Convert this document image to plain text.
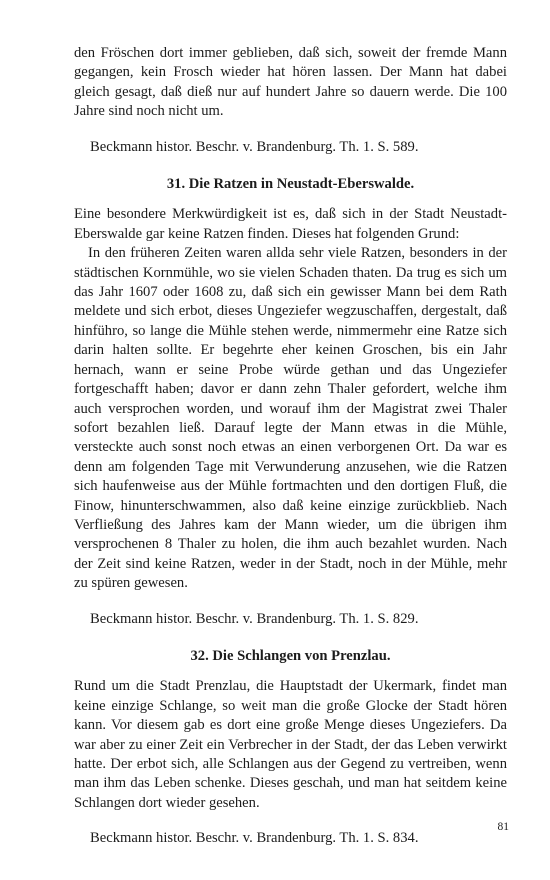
den Fröschen dort immer geblieben, daß sich, soweit der fremde Mann gegangen, kein Frosch wieder hat hören lassen. Der Mann hat dabei gleich gesagt, daß dieß nur auf hundert Jahre so dauern werde. Die 100 Jahre sind noch nicht um.

Beckmann histor. Beschr. v. Brandenburg. Th. 1. S. 589.

31. Die Ratzen in Neustadt-Eberswalde.

Eine besondere Merkwürdigkeit ist es, daß sich in der Stadt Neustadt-Eberswalde gar keine Ratzen finden. Dieses hat folgenden Grund:

In den früheren Zeiten waren allda sehr viele Ratzen, besonders in der städtischen Kornmühle, wo sie vielen Schaden thaten. Da trug es sich um das Jahr 1607 oder 1608 zu, daß sich ein gewisser Mann bei dem Rath meldete und sich erbot, dieses Ungeziefer wegzuschaffen, dergestalt, daß hinführo, so lange die Mühle stehen werde, nimmermehr eine Ratze sich darin halten sollte. Er begehrte eher keinen Groschen, bis ein Jahr hernach, wann er seine Probe würde gethan und das Ungeziefer fortgeschafft haben; davor er dann zehn Thaler gefordert, welche ihm auch versprochen worden, und worauf ihm der Magistrat zwei Thaler sofort bezahlen ließ. Darauf legte der Mann etwas in die Mühle, versteckte auch sonst noch etwas an einen verborgenen Ort. Da war es denn am folgenden Tage mit Verwunderung anzusehen, wie die Ratzen sich haufenweise aus der Mühle fortmachten und den dortigen Fluß, die Finow, hinunterschwammen, also daß keine einzige zurückblieb. Nach Verfließung des Jahres kam der Mann wieder, um die übrigen ihm versprochenen 8 Thaler zu holen, die ihm auch bezahlet wurden. Nach der Zeit sind keine Ratzen, weder in der Stadt, noch in der Mühle, mehr zu spüren gewesen.

Beckmann histor. Beschr. v. Brandenburg. Th. 1. S. 829.

32. Die Schlangen von Prenzlau.

Rund um die Stadt Prenzlau, die Hauptstadt der Ukermark, findet man keine einzige Schlange, so weit man die große Glocke der Stadt hören kann. Vor diesem gab es dort eine große Menge dieses Ungeziefers. Da war aber zu einer Zeit ein Verbrecher in der Stadt, der das Leben verwirkt hatte. Der erbot sich, alle Schlangen aus der Gegend zu vertreiben, wenn man ihm das Leben schenke. Dieses geschah, und man hat seitdem keine Schlangen dort wieder gesehen.

Beckmann histor. Beschr. v. Brandenburg. Th. 1. S. 834.

81
